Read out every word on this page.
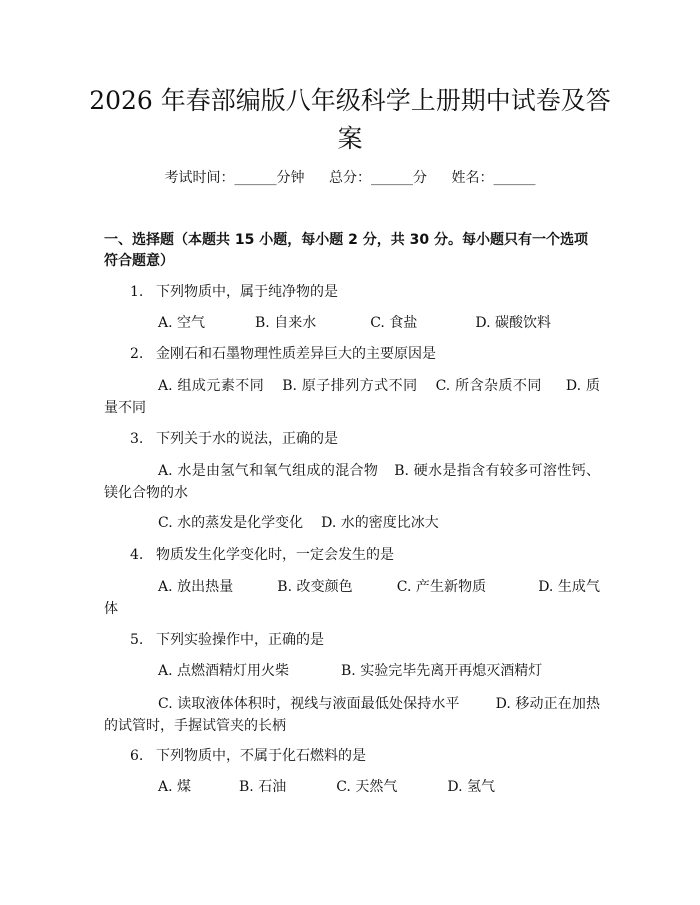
2026 年春部编版八年级科学上册期中试卷及答案
考试时间：______分钟 总分：______分 姓名：______
一、选择题（本题共 15 小题，每小题 2 分，共 30 分。每小题只有一个选项符合题意）
1. 下列物质中，属于纯净物的是
A. 空气	B. 自来水	C. 食盐	D. 碳酸饮料
2. 金刚石和石墨物理性质差异巨大的主要原因是
A. 组成元素不同 B. 原子排列方式不同 C. 所含杂质不同 D. 质量不同
3. 下列关于水的说法，正确的是
A. 水是由氢气和氧气组成的混合物 B. 硬水是指含有较多可溶性钙、镁化合物的水
C. 水的蒸发是化学变化 D. 水的密度比冰大
4. 物质发生化学变化时，一定会发生的是
A. 放出热量	B. 改变颜色	C. 产生新物质	D. 生成气体
5. 下列实验操作中，正确的是
A. 点燃酒精灯用火柴	B. 实验完毕先离开再熄灭酒精灯
C. 读取液体体积时，视线与液面最低处保持水平	D. 移动正在加热的试管时，手握试管夹的长柄
6. 下列物质中，不属于化石燃料的是
A. 煤	B. 石油	C. 天然气	D. 氢气
